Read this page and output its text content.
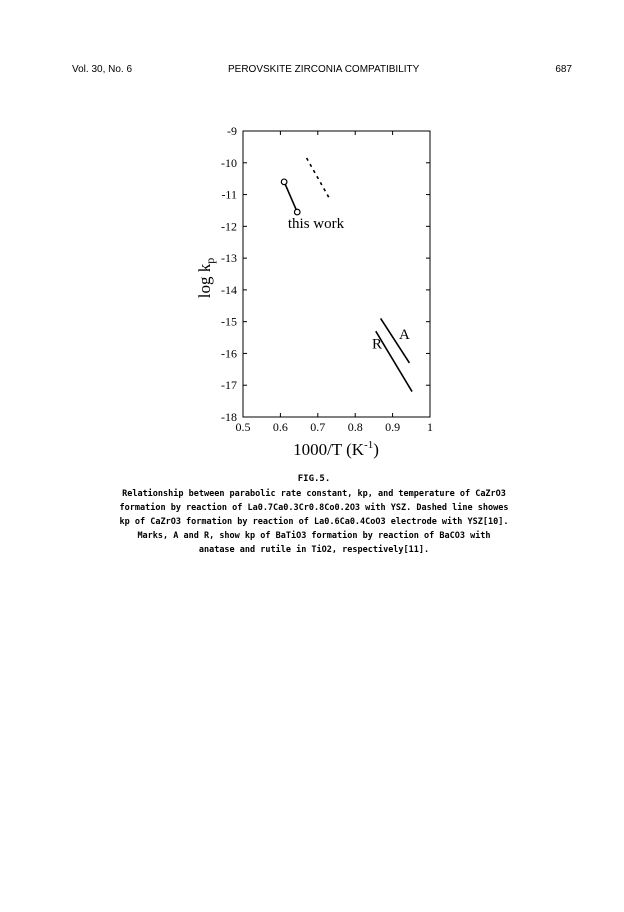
Vol. 30, No. 6	PEROVSKITE ZIRCONIA COMPATIBILITY	687
0.5 0.6 0.7 0.8 0.9 1
-9
-10
-11
-12
-13
-14
-15
-16
-17
-18
this work
A
R
$\log k_p$
1000/T $(K^{-1})$
FIG.5.
Relationship between parabolic rate constant, kp, and temperature of CaZrO3
formation by reaction of La0.7Ca0.3Cr0.8Co0.2O3 with YSZ. Dashed line showes
kp of CaZrO3 formation by reaction of La0.6Ca0.4CoO3 electrode with YSZ[10].
Marks, A and R, show kp of BaTiO3 formation by reaction of BaCO3 with
anatase and rutile in TiO2, respectively[11].
